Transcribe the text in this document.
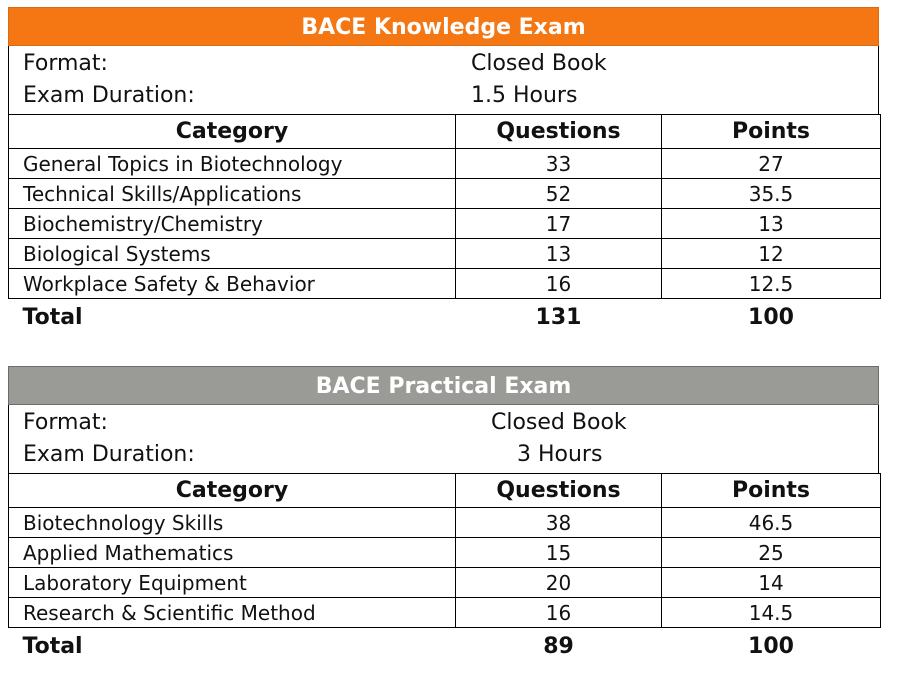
BACE Knowledge Exam
Format:	Closed Book
Exam Duration:	1.5 Hours
Category	Questions	Points
General Topics in Biotechnology	33	27
Technical Skills/Applications	52	35.5
Biochemistry/Chemistry	17	13
Biological Systems	13	12
Workplace Safety & Behavior	16	12.5
Total	131	100
BACE Practical Exam
Format:	Closed Book
Exam Duration:	3 Hours
Category	Questions	Points
Biotechnology Skills	38	46.5
Applied Mathematics	15	25
Laboratory Equipment	20	14
Research & Scientific Method	16	14.5
Total	89	100
